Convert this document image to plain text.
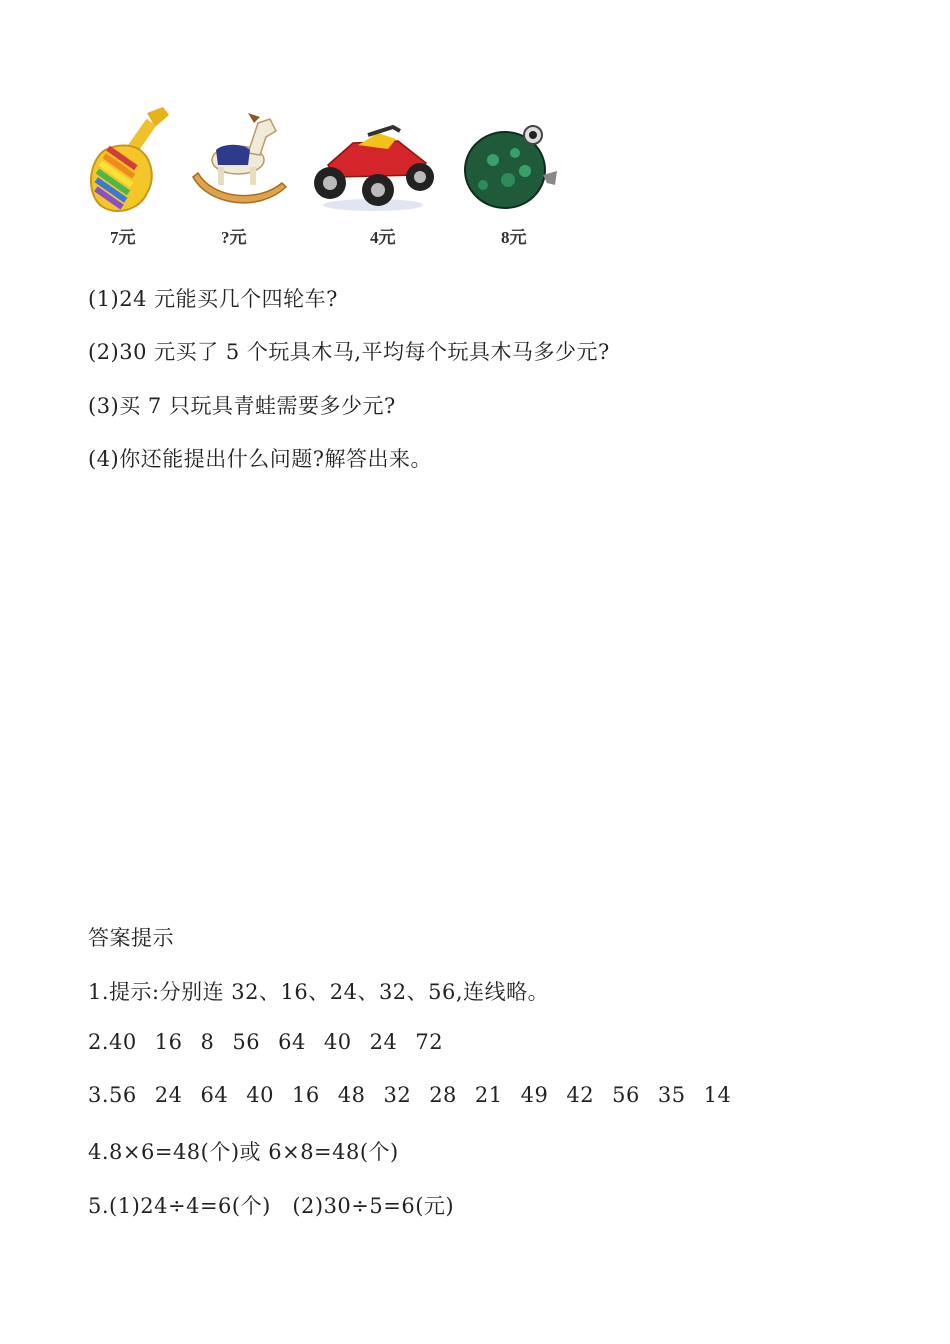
7元	?元	4元	8元
(1)24 元能买几个四轮车?
(2)30 元买了 5 个玩具木马,平均每个玩具木马多少元?
(3)买 7 只玩具青蛙需要多少元?
(4)你还能提出什么问题?解答出来。
答案提示
1.提示:分别连 32、16、24、32、56,连线略。
2.40 16 8 56 64 40 24 72
3.56 24 64 40 16 48 32 28 21 49 42 56 35 14
4.8×6=48(个)或 6×8=48(个)
5.(1)24÷4=6(个)   (2)30÷5=6(元)
